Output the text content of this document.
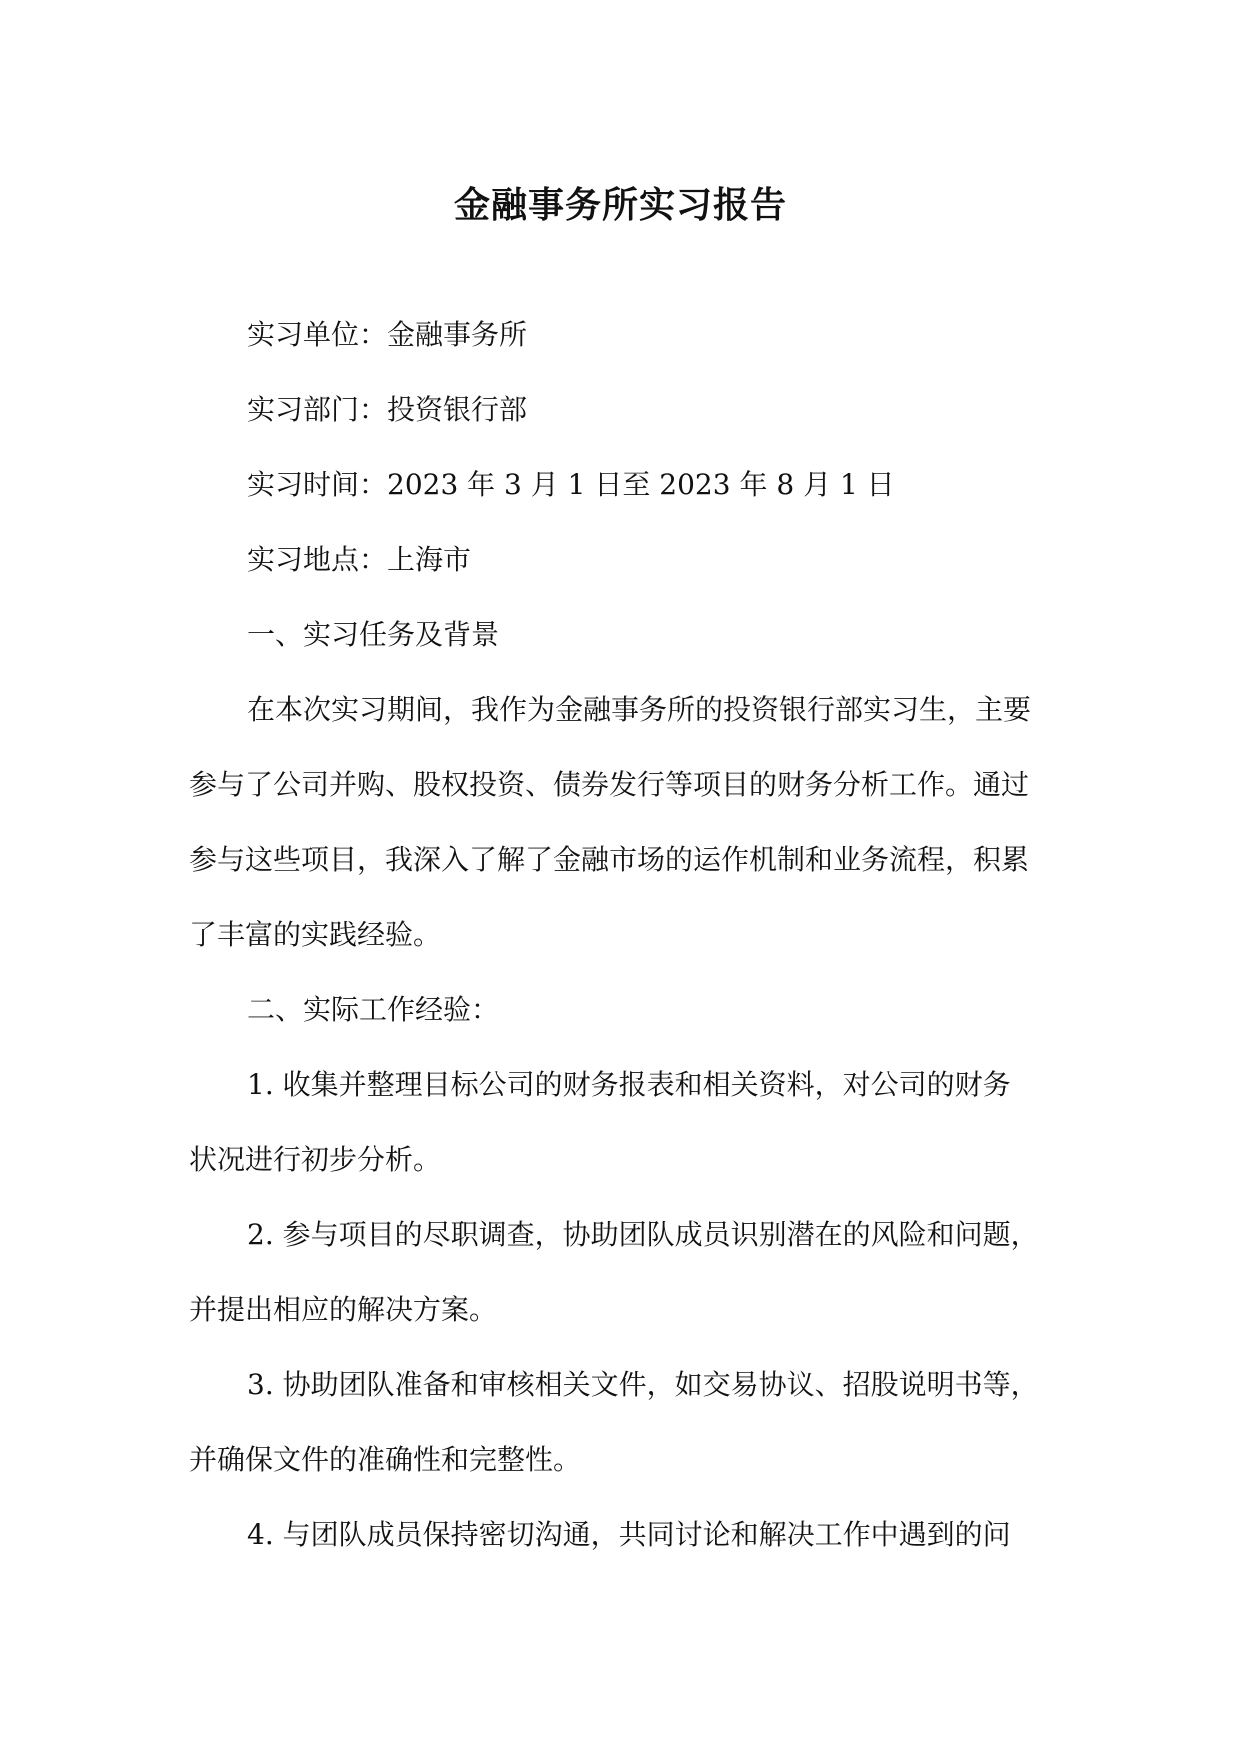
金融事务所实习报告
实习单位：金融事务所
实习部门：投资银行部
实习时间：2023 年 3 月 1 日至 2023 年 8 月 1 日
实习地点：上海市
一、实习任务及背景
在本次实习期间，我作为金融事务所的投资银行部实习生，主要
参与了公司并购、股权投资、债券发行等项目的财务分析工作。通过
参与这些项目，我深入了解了金融市场的运作机制和业务流程，积累
了丰富的实践经验。
二、实际工作经验：
1. 收集并整理目标公司的财务报表和相关资料，对公司的财务
状况进行初步分析。
2. 参与项目的尽职调查，协助团队成员识别潜在的风险和问题，
并提出相应的解决方案。
3. 协助团队准备和审核相关文件，如交易协议、招股说明书等，
并确保文件的准确性和完整性。
4. 与团队成员保持密切沟通，共同讨论和解决工作中遇到的问
